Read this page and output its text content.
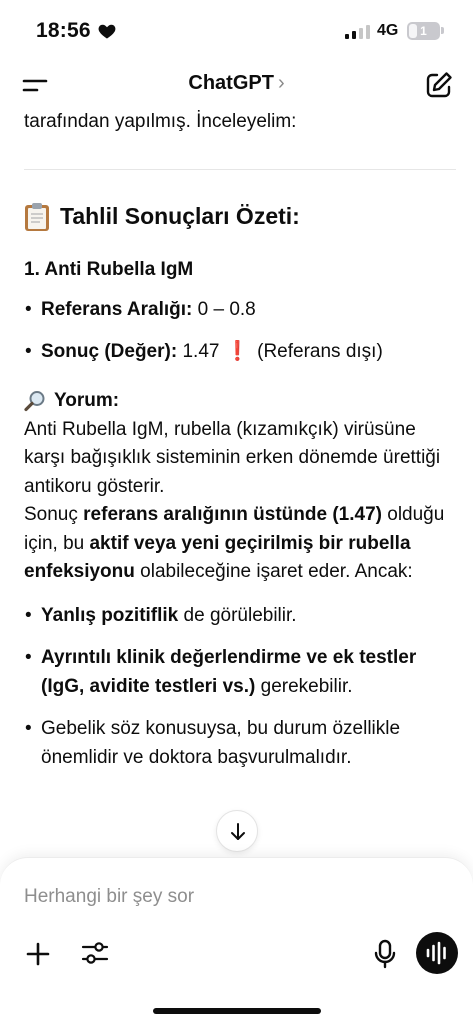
18:56	4G	1
ChatGPT ›
tarafından yapılmış. İnceleyelim:
Tahlil Sonuçları Özeti:
1. Anti Rubella IgM
• Referans Aralığı: 0 – 0.8
• Sonuç (Değer): 1.47 ❗ (Referans dışı)
Yorum:
Anti Rubella IgM, rubella (kızamıkçık) virüsüne karşı bağışıklık sisteminin erken dönemde ürettiği antikoru gösterir.
Sonuç referans aralığının üstünde (1.47) olduğu için, bu aktif veya yeni geçirilmiş bir rubella enfeksiyonu olabileceğine işaret eder. Ancak:
• Yanlış pozitiflik de görülebilir.
• Ayrıntılı klinik değerlendirme ve ek testler (IgG, avidite testleri vs.) gerekebilir.
• Gebelik söz konusuysa, bu durum özellikle önemlidir ve doktora başvurulmalıdır.
Herhangi bir şey sor
